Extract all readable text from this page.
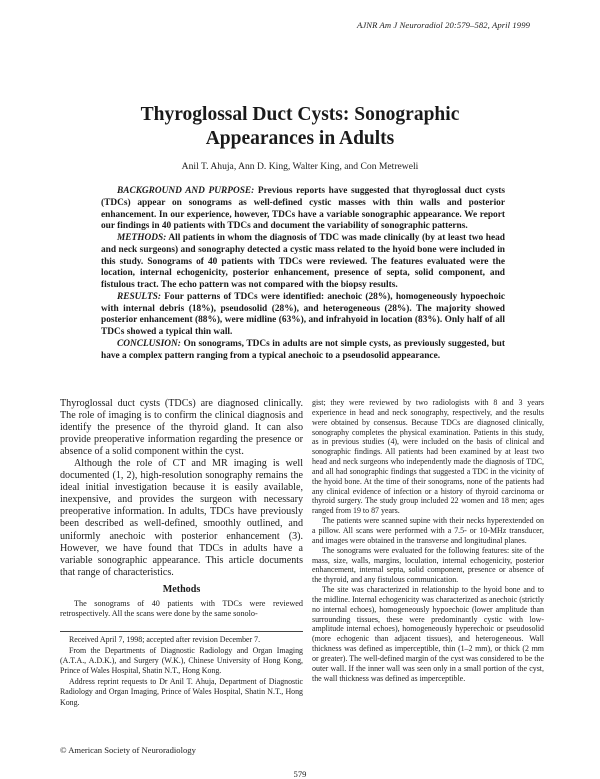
AJNR Am J Neuroradiol 20:579–582, April 1999
Thyroglossal Duct Cysts: Sonographic
Appearances in Adults
Anil T. Ahuja, Ann D. King, Walter King, and Con Metreweli

BACKGROUND AND PURPOSE: Previous reports have suggested that thyroglossal duct cysts (TDCs) appear on sonograms as well-defined cystic masses with thin walls and posterior enhancement. In our experience, however, TDCs have a variable sonographic appearance. We report our findings in 40 patients with TDCs and document the variability of sonographic patterns.

METHODS: All patients in whom the diagnosis of TDC was made clinically (by at least two head and neck surgeons) and sonography detected a cystic mass related to the hyoid bone were included in this study. Sonograms of 40 patients with TDCs were reviewed. The features evaluated were the location, internal echogenicity, posterior enhancement, presence of septa, solid component, and fistulous tract. The echo pattern was not compared with the biopsy results.

RESULTS: Four patterns of TDCs were identified: anechoic (28%), homogeneously hypoechoic with internal debris (18%), pseudosolid (28%), and heterogeneous (28%). The majority showed posterior enhancement (88%), were midline (63%), and infrahyoid in location (83%). Only half of all TDCs showed a typical thin wall.

CONCLUSION: On sonograms, TDCs in adults are not simple cysts, as previously suggested, but have a complex pattern ranging from a typical anechoic to a pseudosolid appearance.

Thyroglossal duct cysts (TDCs) are diagnosed clinically. The role of imaging is to confirm the clinical diagnosis and identify the presence of the thyroid gland. It can also provide preoperative information regarding the presence or absence of a solid component within the cyst.

Although the role of CT and MR imaging is well documented (1, 2), high-resolution sonography remains the ideal initial investigation because it is easily available, inexpensive, and provides the surgeon with necessary preoperative information. In adults, TDCs have previously been described as well-defined, smoothly outlined, and uniformly anechoic with posterior enhancement (3). However, we have found that TDCs in adults have a variable sonographic appearance. This article documents that range of characteristics.

Methods

The sonograms of 40 patients with TDCs were reviewed retrospectively. All the scans were done by the same sonolo-

Received April 7, 1998; accepted after revision December 7.

From the Departments of Diagnostic Radiology and Organ Imaging (A.T.A., A.D.K.), and Surgery (W.K.), Chinese University of Hong Kong, Prince of Wales Hospital, Shatin N.T., Hong Kong.

Address reprint requests to Dr Anil T. Ahuja, Department of Diagnostic Radiology and Organ Imaging, Prince of Wales Hospital, Shatin N.T., Hong Kong.

© American Society of Neuroradiology

gist; they were reviewed by two radiologists with 8 and 3 years experience in head and neck sonography, respectively, and the results were obtained by consensus. Because TDCs are diagnosed clinically, sonography completes the physical examination. Patients in this study, as in previous studies (4), were included on the basis of clinical and sonographic findings. All patients had been examined by at least two head and neck surgeons who independently made the diagnosis of TDC, and all had sonographic findings that suggested a TDC in the vicinity of the hyoid bone. At the time of their sonograms, none of the patients had any clinical evidence of infection or a history of thyroid carcinoma or thyroid surgery. The study group included 22 women and 18 men; ages ranged from 19 to 87 years.

The patients were scanned supine with their necks hyperextended on a pillow. All scans were performed with a 7.5- or 10-MHz transducer, and images were obtained in the transverse and longitudinal planes.

The sonograms were evaluated for the following features: site of the mass, size, walls, margins, loculation, internal echogenicity, posterior enhancement, internal septa, solid component, presence or absence of the thyroid, and any fistulous communication.

The site was characterized in relationship to the hyoid bone and to the midline. Internal echogenicity was characterized as anechoic (strictly no internal echoes), homogeneously hypoechoic (lower amplitude than surrounding tissues, these were predominantly cystic with low-amplitude internal echoes), homogeneously hyperechoic or pseudosolid (more echogenic than adjacent tissues), and heterogeneous. Wall thickness was defined as imperceptible, thin (1–2 mm), or thick (2 mm or greater). The well-defined margin of the cyst was considered to be the outer wall. If the inner wall was seen only in a small portion of the cyst, the wall thickness was defined as imperceptible.

579
